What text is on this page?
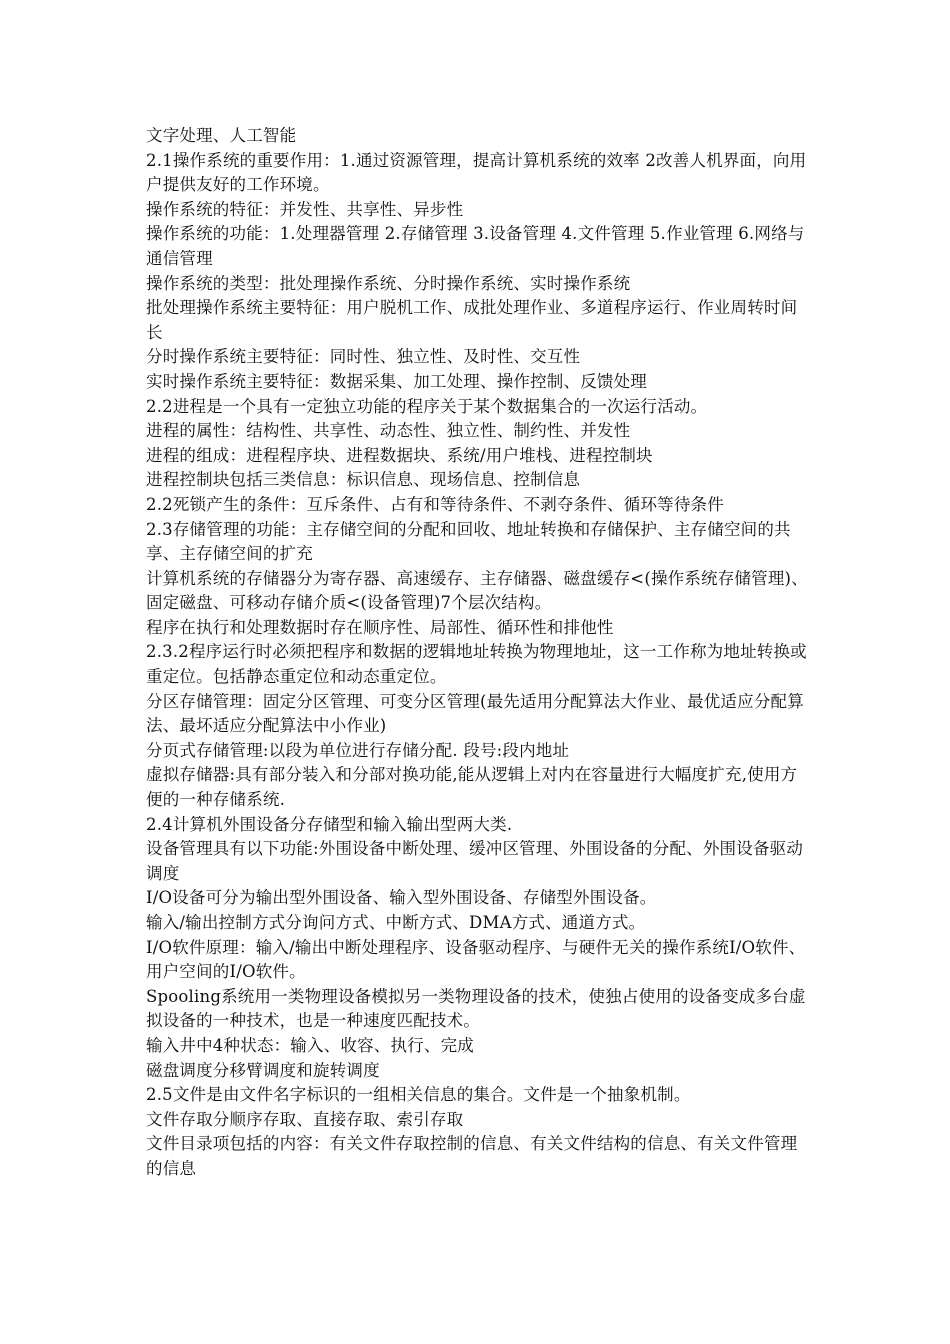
文字处理、人工智能

2.1操作系统的重要作用：1.通过资源管理，提高计算机系统的效率 2改善人机界面，向用户提供友好的工作环境。

操作系统的特征：并发性、共享性、异步性

操作系统的功能：1.处理器管理 2.存储管理 3.设备管理 4.文件管理 5.作业管理 6.网络与通信管理

操作系统的类型：批处理操作系统、分时操作系统、实时操作系统

批处理操作系统主要特征：用户脱机工作、成批处理作业、多道程序运行、作业周转时间长

分时操作系统主要特征：同时性、独立性、及时性、交互性

实时操作系统主要特征：数据采集、加工处理、操作控制、反馈处理

2.2进程是一个具有一定独立功能的程序关于某个数据集合的一次运行活动。

进程的属性：结构性、共享性、动态性、独立性、制约性、并发性

进程的组成：进程程序块、进程数据块、系统/用户堆栈、进程控制块

进程控制块包括三类信息：标识信息、现场信息、控制信息

2.2死锁产生的条件：互斥条件、占有和等待条件、不剥夺条件、循环等待条件

2.3存储管理的功能：主存储空间的分配和回收、地址转换和存储保护、主存储空间的共享、主存储空间的扩充

计算机系统的存储器分为寄存器、高速缓存、主存储器、磁盘缓存<(操作系统存储管理)、固定磁盘、可移动存储介质<(设备管理)7个层次结构。

程序在执行和处理数据时存在顺序性、局部性、循环性和排他性

2.3.2程序运行时必须把程序和数据的逻辑地址转换为物理地址，这一工作称为地址转换或重定位。包括静态重定位和动态重定位。

分区存储管理：固定分区管理、可变分区管理(最先适用分配算法大作业、最优适应分配算法、最坏适应分配算法中小作业)

分页式存储管理:以段为单位进行存储分配. 段号:段内地址

虚拟存储器:具有部分装入和分部对换功能,能从逻辑上对内在容量进行大幅度扩充,使用方便的一种存储系统.

2.4计算机外围设备分存储型和输入输出型两大类.

设备管理具有以下功能:外围设备中断处理、缓冲区管理、外围设备的分配、外围设备驱动调度

I/O设备可分为输出型外围设备、输入型外围设备、存储型外围设备。

输入/输出控制方式分询问方式、中断方式、DMA方式、通道方式。

I/O软件原理：输入/输出中断处理程序、设备驱动程序、与硬件无关的操作系统I/O软件、用户空间的I/O软件。

Spooling系统用一类物理设备模拟另一类物理设备的技术，使独占使用的设备变成多台虚拟设备的一种技术，也是一种速度匹配技术。

输入井中4种状态：输入、收容、执行、完成

磁盘调度分移臂调度和旋转调度

2.5文件是由文件名字标识的一组相关信息的集合。文件是一个抽象机制。

文件存取分顺序存取、直接存取、索引存取

文件目录项包括的内容：有关文件存取控制的信息、有关文件结构的信息、有关文件管理的信息
